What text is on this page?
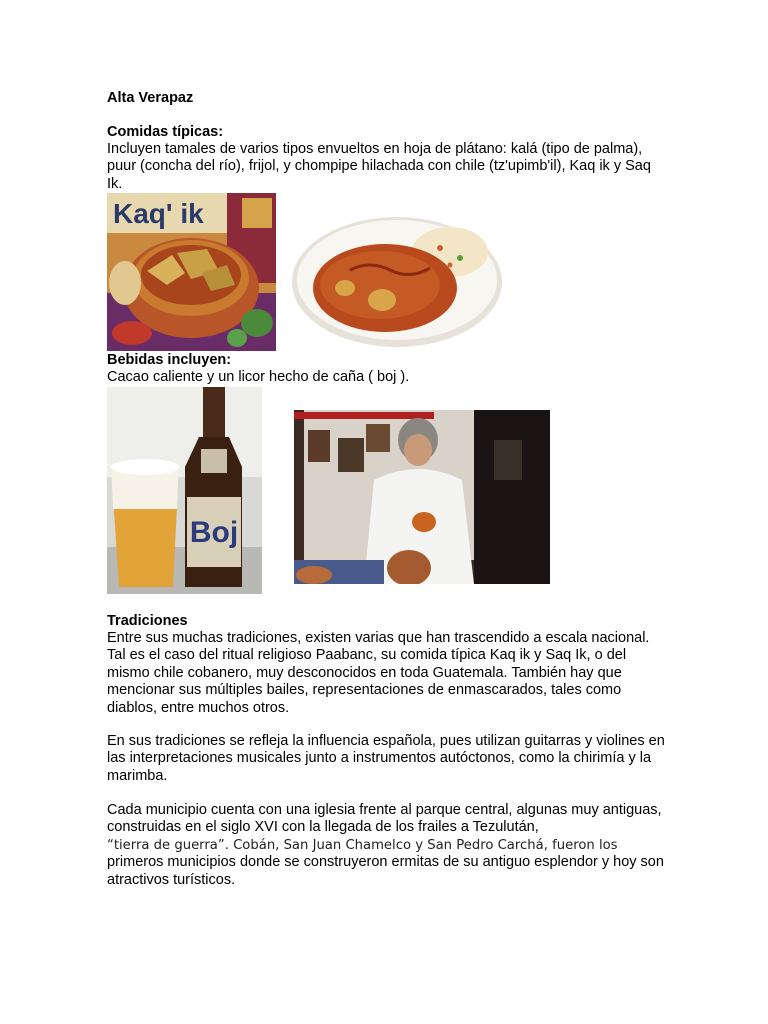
Alta Verapaz

Comidas típicas:

Incluyen tamales de varios tipos envueltos en hoja de plátano: kalá (tipo de palma), puur (concha del río), frijol, y chompipe hilachada con chile (tz'upimb'il), Kaq ik y Saq Ik.

Kaq' ik

Bebidas incluyen:

Cacao caliente y un licor hecho de caña ( boj ).

Boj

Tradiciones

Entre sus muchas tradiciones, existen varias que han trascendido a escala nacional. Tal es el caso del ritual religioso Paabanc, su comida típica Kaq ik y Saq Ik, o del mismo chile cobanero, muy desconocidos en toda Guatemala. También hay que mencionar sus múltiples bailes, representaciones de enmascarados, tales como diablos, entre muchos otros.

En sus tradiciones se refleja la influencia española, pues utilizan guitarras y violines en las interpretaciones musicales junto a instrumentos autóctonos, como la chirimía y la marimba.

Cada municipio cuenta con una iglesia frente al parque central, algunas muy antiguas, construidas en el siglo XVI con la llegada de los frailes a Tezulután,

“tierra de guerra”. Cobán, San Juan Chamelco y San Pedro Carchá, fueron los

primeros municipios donde se construyeron ermitas de su antiguo esplendor y hoy son atractivos turísticos.
